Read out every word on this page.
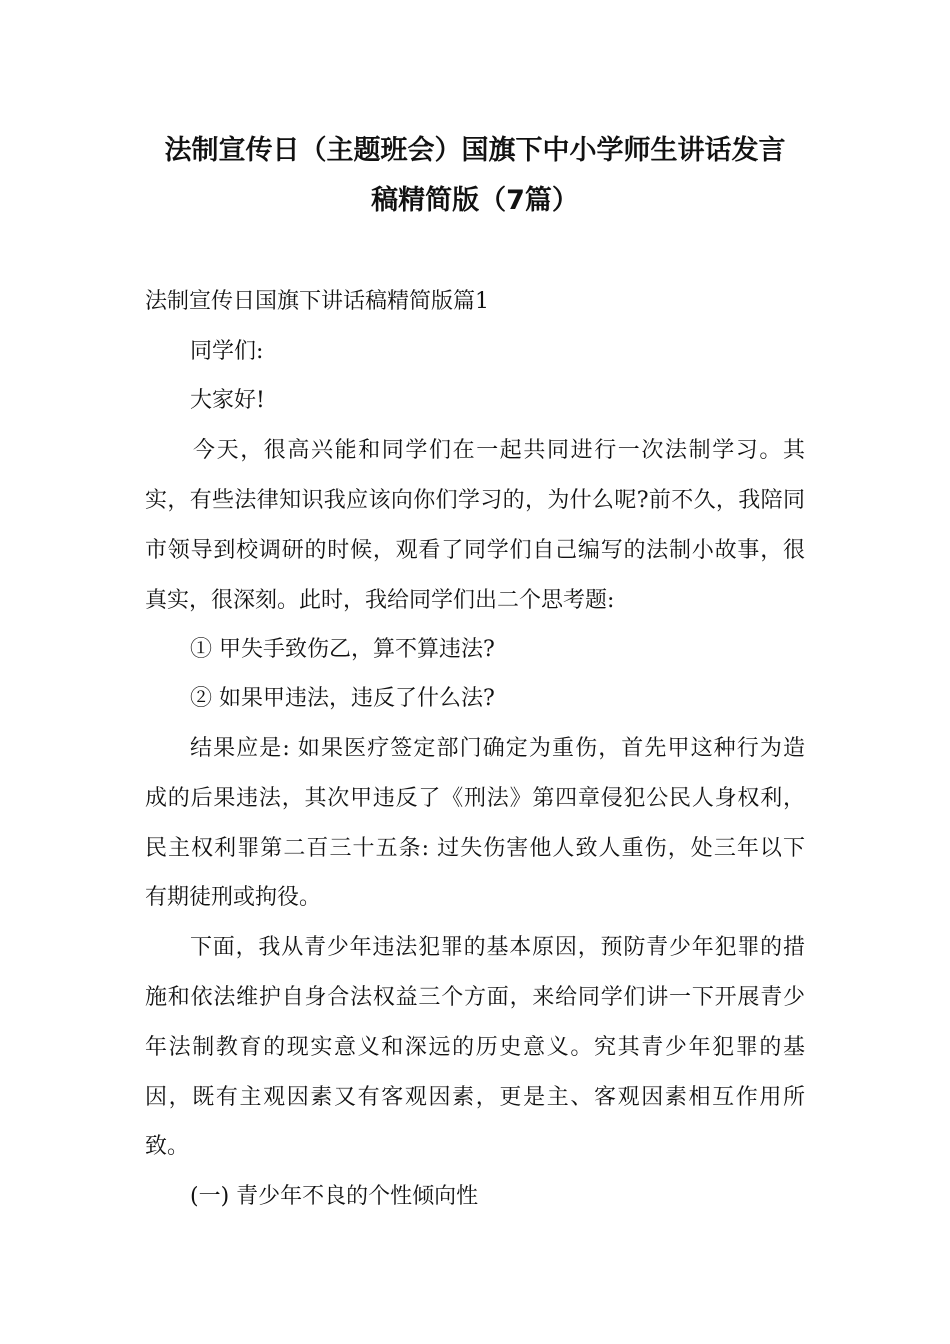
法制宣传日（主题班会）国旗下中小学师生讲话发言
稿精简版（7篇）

法制宣传日国旗下讲话稿精简版篇1

同学们:

大家好!

今天，很高兴能和同学们在一起共同进行一次法制学习。其

实，有些法律知识我应该向你们学习的，为什么呢?前不久，我陪同

市领导到校调研的时候，观看了同学们自己编写的法制小故事，很

真实，很深刻。此时，我给同学们出二个思考题:

① 甲失手致伤乙，算不算违法?

② 如果甲违法，违反了什么法?

结果应是: 如果医疗签定部门确定为重伤，首先甲这种行为造

成的后果违法，其次甲违反了《刑法》第四章侵犯公民人身权利，

民主权利罪第二百三十五条: 过失伤害他人致人重伤，处三年以下

有期徒刑或拘役。

下面，我从青少年违法犯罪的基本原因，预防青少年犯罪的措

施和依法维护自身合法权益三个方面，来给同学们讲一下开展青少

年法制教育的现实意义和深远的历史意义。究其青少年犯罪的基

因，既有主观因素又有客观因素，更是主、客观因素相互作用所

致。

(一) 青少年不良的个性倾向性
